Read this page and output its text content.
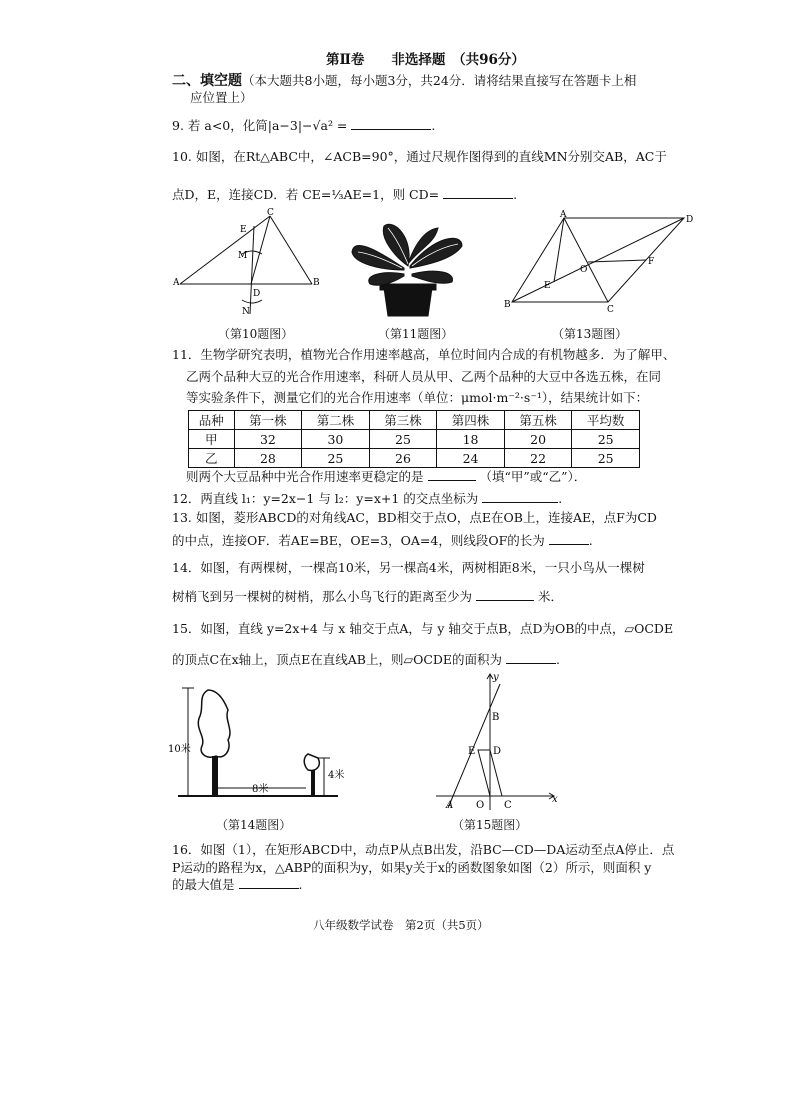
第Ⅱ卷　　非选择题　（共96分）
二、填空题（本大题共8小题，每小题3分，共24分．请将结果直接写在答题卡上相
应位置上）
9. 若 a<0，化简|a−3|−√a² =	.
10. 如图，在Rt△ABC中，∠ACB=90°，通过尺规作图得到的直线MN分别交AB，AC于
点D，E，连接CD．若 CE=⅓AE=1，则 CD=	.
C
E
M
A
D
B
N
（第10题图）	（第11题图）
A	D
O
F
E
B	C
（第13题图）
11．生物学研究表明，植物光合作用速率越高，单位时间内合成的有机物越多．为了解甲、
乙两个品种大豆的光合作用速率，科研人员从甲、乙两个品种的大豆中各选五株，在同
等实验条件下，测量它们的光合作用速率（单位：μmol·m⁻²·s⁻¹），结果统计如下：
品种	第一株	第二株	第三株	第四株	第五株	平均数
甲	32	30	25	18	20	25
乙	28	25	26	24	22	25
则两个大豆品种中光合作用速率更稳定的是	（填“甲”或“乙”）．
12．两直线 l₁：y=2x−1 与 l₂：y=x+1 的交点坐标为	.
13. 如图，菱形ABCD的对角线AC，BD相交于点O，点E在OB上，连接AE，点F为CD
的中点，连接OF．若AE=BE，OE=3，OA=4，则线段OF的长为	.
14．如图，有两棵树，一棵高10米，另一棵高4米，两树相距8米，一只小鸟从一棵树
树梢飞到另一棵树的树梢，那么小鸟飞行的距离至少为	米．
15．如图，直线 y=2x+4 与 x 轴交于点A，与 y 轴交于点B，点D为OB的中点，▱OCDE
的顶点C在x轴上，顶点E在直线AB上，则▱OCDE的面积为	.
10米
8米
4米
（第14题图）
y
B
E D
A O C
x
（第15题图）
16．如图（1），在矩形ABCD中，动点P从点B出发，沿BC—CD—DA运动至点A停止．点
P运动的路程为x，△ABP的面积为y，如果y关于x的函数图象如图（2）所示，则面积 y
的最大值是	.
八年级数学试卷　第2页（共5页）
